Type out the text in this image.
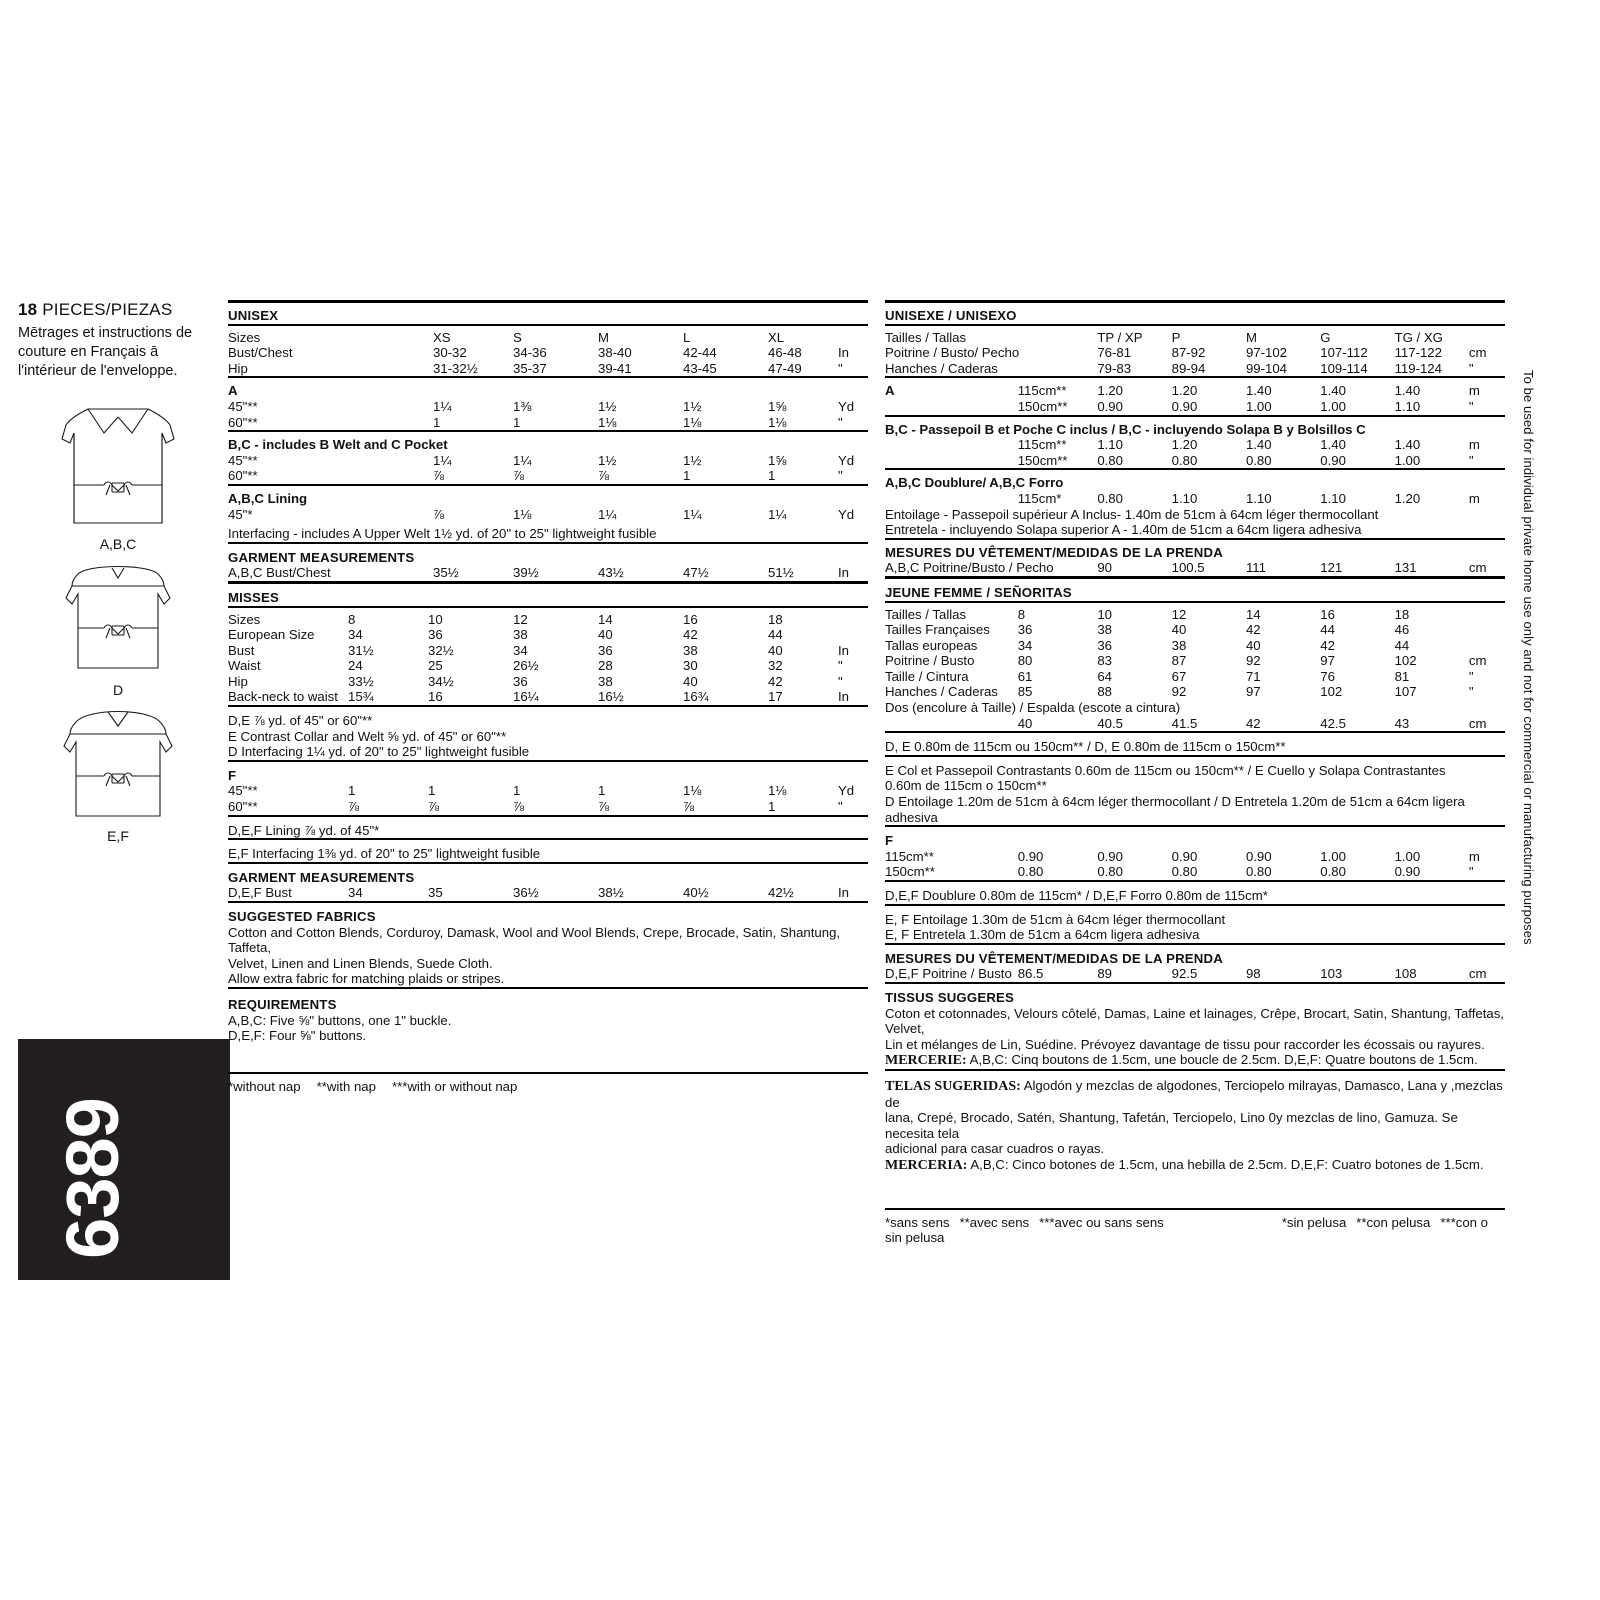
18 PIECES/PIEZAS
Mētrages et instructions de couture en Français ā l'intérieur de l'enveloppe.
A,B,C
D
E,F
6389
To be used for individual private home use only and not for commercial or manufacturing purposes

UNISEX						

Sizes	XS	S	M	L	XL	
Bust/Chest	30-32	34-36	38-40	42-44	46-48	In
Hip	31-32½	35-37	39-41	43-45	47-49	"

A						
45"**	1¼	1⅜	1½	1½	1⅝	Yd
60"**	1	1	1⅛	1⅛	1⅛	"

B,C - includes B Welt and C Pocket						
45"**	1¼	1¼	1½	1½	1⅝	Yd
60"**	⅞	⅞	⅞	1	1	"

A,B,C Lining						
45"*	⅞	1⅛	1¼	1¼	1¼	Yd
Interfacing - includes A Upper Welt 1½ yd. of 20" to 25" lightweight fusible						

GARMENT MEASUREMENTS						
A,B,C Bust/Chest	35½	39½	43½	47½	51½	In

MISSES						

Sizes	8	10	12	14	16	18	
European Size	34	36	38	40	42	44	
Bust	31½	32½	34	36	38	40	In
Waist	24	25	26½	28	30	32	"
Hip	33½	34½	36	38	40	42	"
Back-neck to waist	15¾	16	16¼	16½	16¾	17	In

D,E ⅞ yd. of 45" or 60"**							
E Contrast Collar and Welt ⅝ yd. of 45" or 60"**							
D Interfacing 1¼ yd. of 20" to 25" lightweight fusible							

F							
45"**	1	1	1	1	1⅛	1⅛	Yd
60"**	⅞	⅞	⅞	⅞	⅞	1	"

D,E,F Lining ⅞ yd. of 45"*							

E,F Interfacing 1⅜ yd. of 20" to 25" lightweight fusible							

GARMENT MEASUREMENTS							
D,E,F Bust	34	35	36½	38½	40½	42½	In

SUGGESTED FABRICS							
Cotton and Cotton Blends, Corduroy, Damask, Wool and Wool Blends, Crepe, Brocade, Satin, Shantung, Taffeta,							
Velvet, Linen and Linen Blends, Suede Cloth.							
Allow extra fabric for matching plaids or stripes.							

REQUIREMENTS							
A,B,C: Five ⅝" buttons, one 1" buckle.							
D,E,F: Four ⅝" buttons.							

*without nap **with nap ***with or without nap							

UNISEXE / UNISEXO							

Tailles / Tallas		TP / XP	P	M	G	TG / XG	
Poitrine / Busto/ Pecho		76-81	87-92	97-102	107-112	117-122	cm
Hanches / Caderas		79-83	89-94	99-104	109-114	119-124	"

A	115cm**	1.20	1.20	1.40	1.40	1.40	m
	150cm**	0.90	0.90	1.00	1.00	1.10	"

B,C - Passepoil B et Poche C inclus / B,C - incluyendo Solapa B y Bolsillos C							
	115cm**	1.10	1.20	1.40	1.40	1.40	m
	150cm**	0.80	0.80	0.80	0.90	1.00	"

A,B,C Doublure/ A,B,C Forro							
	115cm*	0.80	1.10	1.10	1.10	1.20	m
Entoilage - Passepoil supérieur A Inclus- 1.40m de 51cm à 64cm léger thermocollant							
Entretela - incluyendo Solapa superior A - 1.40m de 51cm a 64cm ligera adhesiva							

MESURES DU VÊTEMENT/MEDIDAS DE LA PRENDA							
A,B,C Poitrine/Busto / Pecho		90	100.5	111	121	131	cm

JEUNE FEMME / SEÑORITAS							

Tailles / Tallas	8	10	12	14	16	18	
Tailles Françaises	36	38	40	42	44	46	
Tallas europeas	34	36	38	40	42	44	
Poitrine / Busto	80	83	87	92	97	102	cm
Taille / Cintura	61	64	67	71	76	81	"
Hanches / Caderas	85	88	92	97	102	107	"
Dos (encolure à Taille) / Espalda (escote a cintura)							
	40	40.5	41.5	42	42.5	43	cm

D, E 0.80m de 115cm ou 150cm** / D, E 0.80m de 115cm o 150cm**							

E Col et Passepoil Contrastants 0.60m de 115cm ou 150cm** / E Cuello y Solapa Contrastantes							
0.60m de 115cm o 150cm**							
D Entoilage 1.20m de 51cm à 64cm léger thermocollant / D Entretela 1.20m de 51cm a 64cm ligera							
adhesiva							

F							
115cm**	0.90	0.90	0.90	0.90	1.00	1.00	m
150cm**	0.80	0.80	0.80	0.80	0.80	0.90	"

D,E,F Doublure 0.80m de 115cm* / D,E,F Forro 0.80m de 115cm*							

E, F Entoilage 1.30m de 51cm à 64cm léger thermocollant							
E, F Entretela 1.30m de 51cm a 64cm ligera adhesiva							

MESURES DU VÊTEMENT/MEDIDAS DE LA PRENDA							
D,E,F Poitrine / Busto	86.5	89	92.5	98	103	108	cm

TISSUS SUGGERES							
Coton et cotonnades, Velours côtelé, Damas, Laine et lainages, Crêpe, Brocart, Satin, Shantung, Taffetas, Velvet,							
Lin et mélanges de Lin, Suédine. Prévoyez davantage de tissu pour raccorder les écossais ou rayures.							
MERCERIE: A,B,C: Cinq boutons de 1.5cm, une boucle de 2.5cm. D,E,F: Quatre boutons de 1.5cm.							

TELAS SUGERIDAS: Algodón y mezclas de algodones, Terciopelo milrayas, Damasco, Lana y ,mezclas de							
lana, Crepé, Brocado, Satén, Shantung, Tafetán, Terciopelo, Lino 0y mezclas de lino, Gamuza. Se necesita tela							
adicional para casar cuadros o rayas.							
MERCERIA: A,B,C: Cinco botones de 1.5cm, una hebilla de 2.5cm. D,E,F: Cuatro botones de 1.5cm.							

*sans sens **avec sens ***avec ou sans sens *sin pelusa **con pelusa ***con o sin pelusa							
